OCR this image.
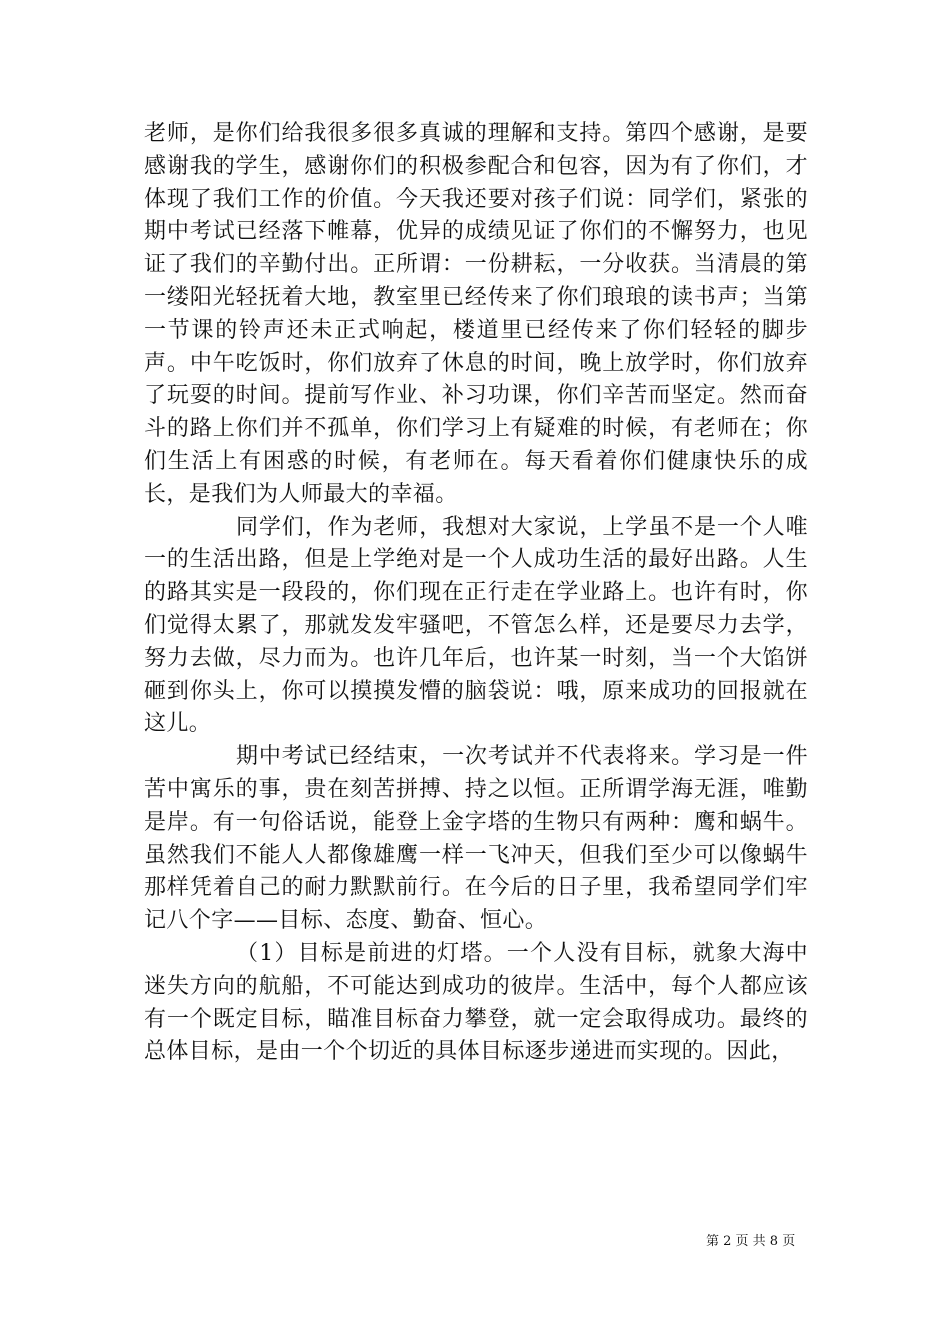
老师，是你们给我很多很多真诚的理解和支持。第四个感谢，是要感谢我的学生，感谢你们的积极参配合和包容，因为有了你们，才体现了我们工作的价值。今天我还要对孩子们说：同学们，紧张的期中考试已经落下帷幕，优异的成绩见证了你们的不懈努力，也见证了我们的辛勤付出。正所谓：一份耕耘，一分收获。当清晨的第一缕阳光轻抚着大地，教室里已经传来了你们琅琅的读书声；当第一节课的铃声还未正式响起，楼道里已经传来了你们轻轻的脚步声。中午吃饭时，你们放弃了休息的时间，晚上放学时，你们放弃了玩耍的时间。提前写作业、补习功课，你们辛苦而坚定。然而奋斗的路上你们并不孤单，你们学习上有疑难的时候，有老师在；你们生活上有困惑的时候，有老师在。每天看着你们健康快乐的成长，是我们为人师最大的幸福。

同学们，作为老师，我想对大家说，上学虽不是一个人唯一的生活出路，但是上学绝对是一个人成功生活的最好出路。人生的路其实是一段段的，你们现在正行走在学业路上。也许有时，你们觉得太累了，那就发发牢骚吧，不管怎么样，还是要尽力去学，努力去做，尽力而为。也许几年后，也许某一时刻，当一个大馅饼砸到你头上，你可以摸摸发懵的脑袋说：哦，原来成功的回报就在这儿。

期中考试已经结束，一次考试并不代表将来。学习是一件苦中寓乐的事，贵在刻苦拼搏、持之以恒。正所谓学海无涯，唯勤是岸。有一句俗话说，能登上金字塔的生物只有两种：鹰和蜗牛。虽然我们不能人人都像雄鹰一样一飞冲天，但我们至少可以像蜗牛那样凭着自己的耐力默默前行。在今后的日子里，我希望同学们牢记八个字——目标、态度、勤奋、恒心。

（1）目标是前进的灯塔。一个人没有目标，就象大海中迷失方向的航船，不可能达到成功的彼岸。生活中，每个人都应该有一个既定目标，瞄准目标奋力攀登，就一定会取得成功。最终的总体目标，是由一个个切近的具体目标逐步递进而实现的。因此，

第 2 页 共 8 页
